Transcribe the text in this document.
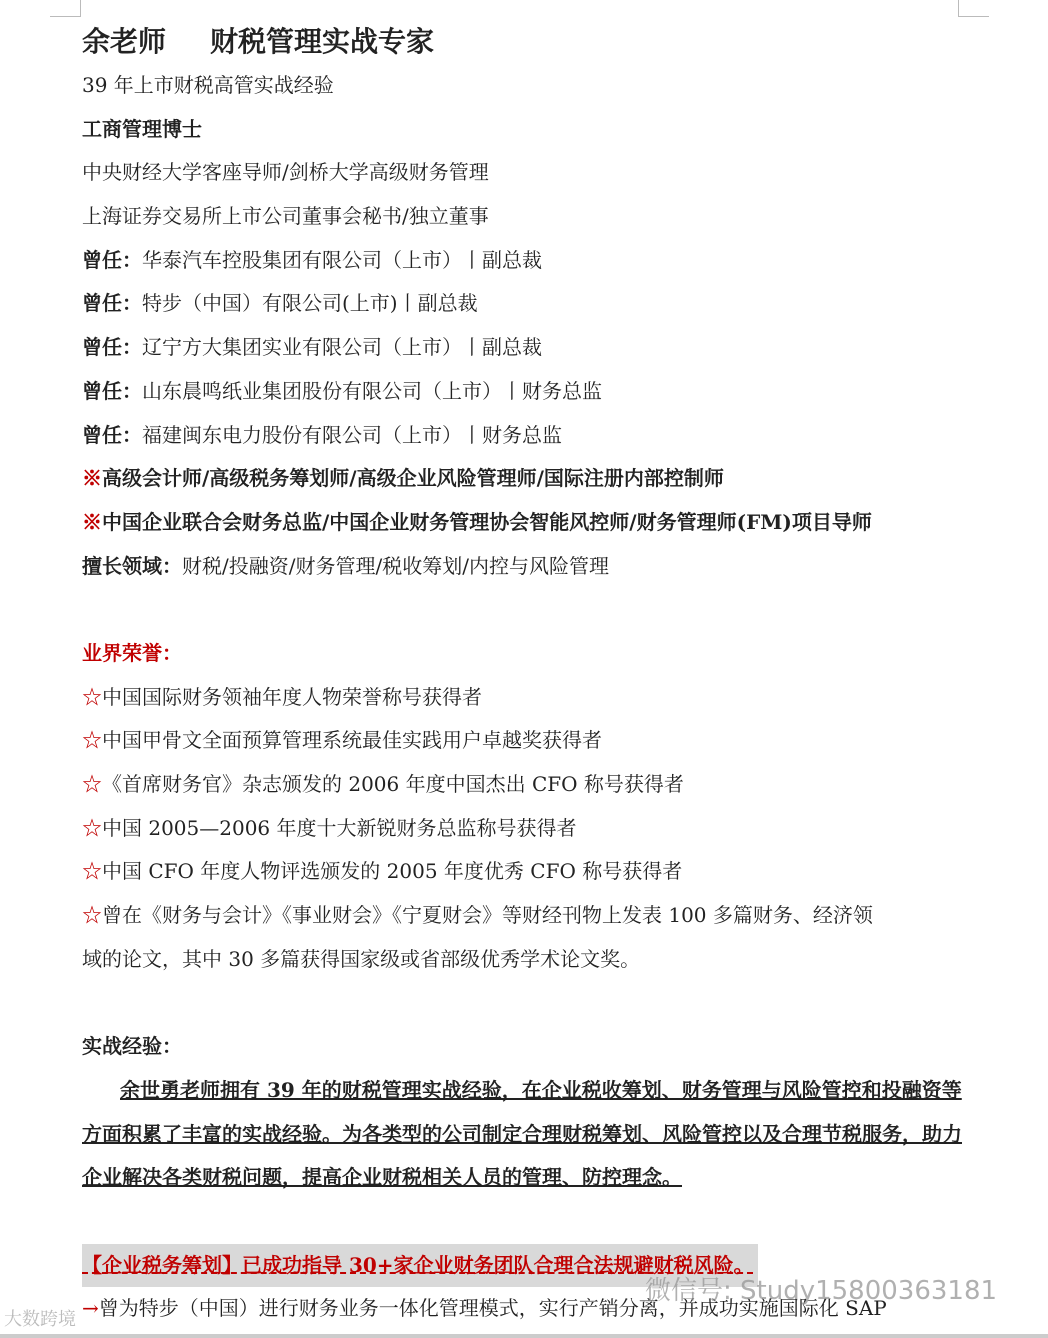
余老师 财税管理实战专家
39 年上市财税高管实战经验
工商管理博士
中央财经大学客座导师/剑桥大学高级财务管理
上海证券交易所上市公司董事会秘书/独立董事
曾任：华泰汽车控股集团有限公司（上市）丨副总裁
曾任：特步（中国）有限公司(上市)丨副总裁
曾任：辽宁方大集团实业有限公司（上市）丨副总裁
曾任：山东晨鸣纸业集团股份有限公司（上市）丨财务总监
曾任：福建闽东电力股份有限公司（上市）丨财务总监
※高级会计师/高级税务筹划师/高级企业风险管理师/国际注册内部控制师
※中国企业联合会财务总监/中国企业财务管理协会智能风控师/财务管理师(FM)项目导师
擅长领域：财税/投融资/财务管理/税收筹划/内控与风险管理
业界荣誉：
☆中国国际财务领袖年度人物荣誉称号获得者
☆中国甲骨文全面预算管理系统最佳实践用户卓越奖获得者
☆《首席财务官》杂志颁发的 2006 年度中国杰出 CFO 称号获得者
☆中国 2005—2006 年度十大新锐财务总监称号获得者
☆中国 CFO 年度人物评选颁发的 2005 年度优秀 CFO 称号获得者
☆曾在《财务与会计》《事业财会》《宁夏财会》等财经刊物上发表 100 多篇财务、经济领
域的论文，其中 30 多篇获得国家级或省部级优秀学术论文奖。
实战经验：
余世勇老师拥有 39 年的财税管理实战经验，在企业税收筹划、财务管理与风险管控和投融资等方面积累了丰富的实战经验。为各类型的公司制定合理财税筹划、风险管控以及合理节税服务，助力企业解决各类财税问题，提高企业财税相关人员的管理、防控理念。
【企业税务筹划】已成功指导 30+家企业财务团队合理合法规避财税风险。
→曾为特步（中国）进行财务业务一体化管理模式，实行产销分离，并成功实施国际化 SAP
微信号: Study15800363181
大数跨境
